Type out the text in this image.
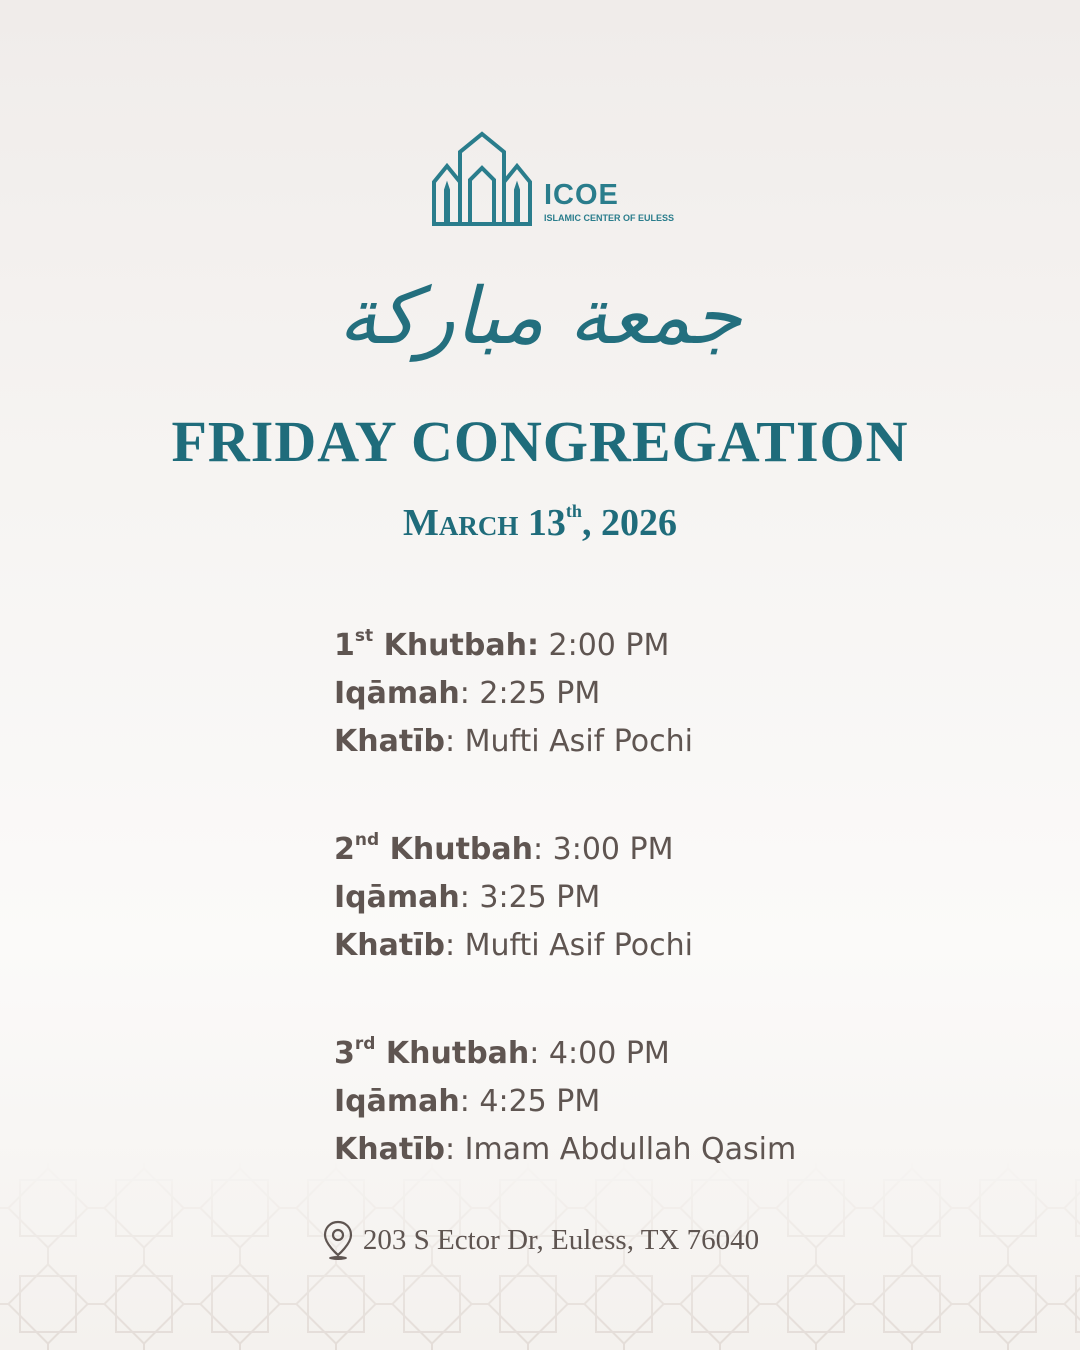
ICOE

ISLAMIC CENTER OF EULESS

جمعة مباركة
FRIDAY CONGREGATION

March 13th, 2026

1st Khutbah: 2:00 PM
Iqāmah: 2:25 PM
Khatīb: Mufti Asif Pochi
2nd Khutbah: 3:00 PM
Iqāmah: 3:25 PM
Khatīb: Mufti Asif Pochi
3rd Khutbah: 4:00 PM
Iqāmah: 4:25 PM
Khatīb: Imam Abdullah Qasim
203 S Ector Dr, Euless, TX 76040
